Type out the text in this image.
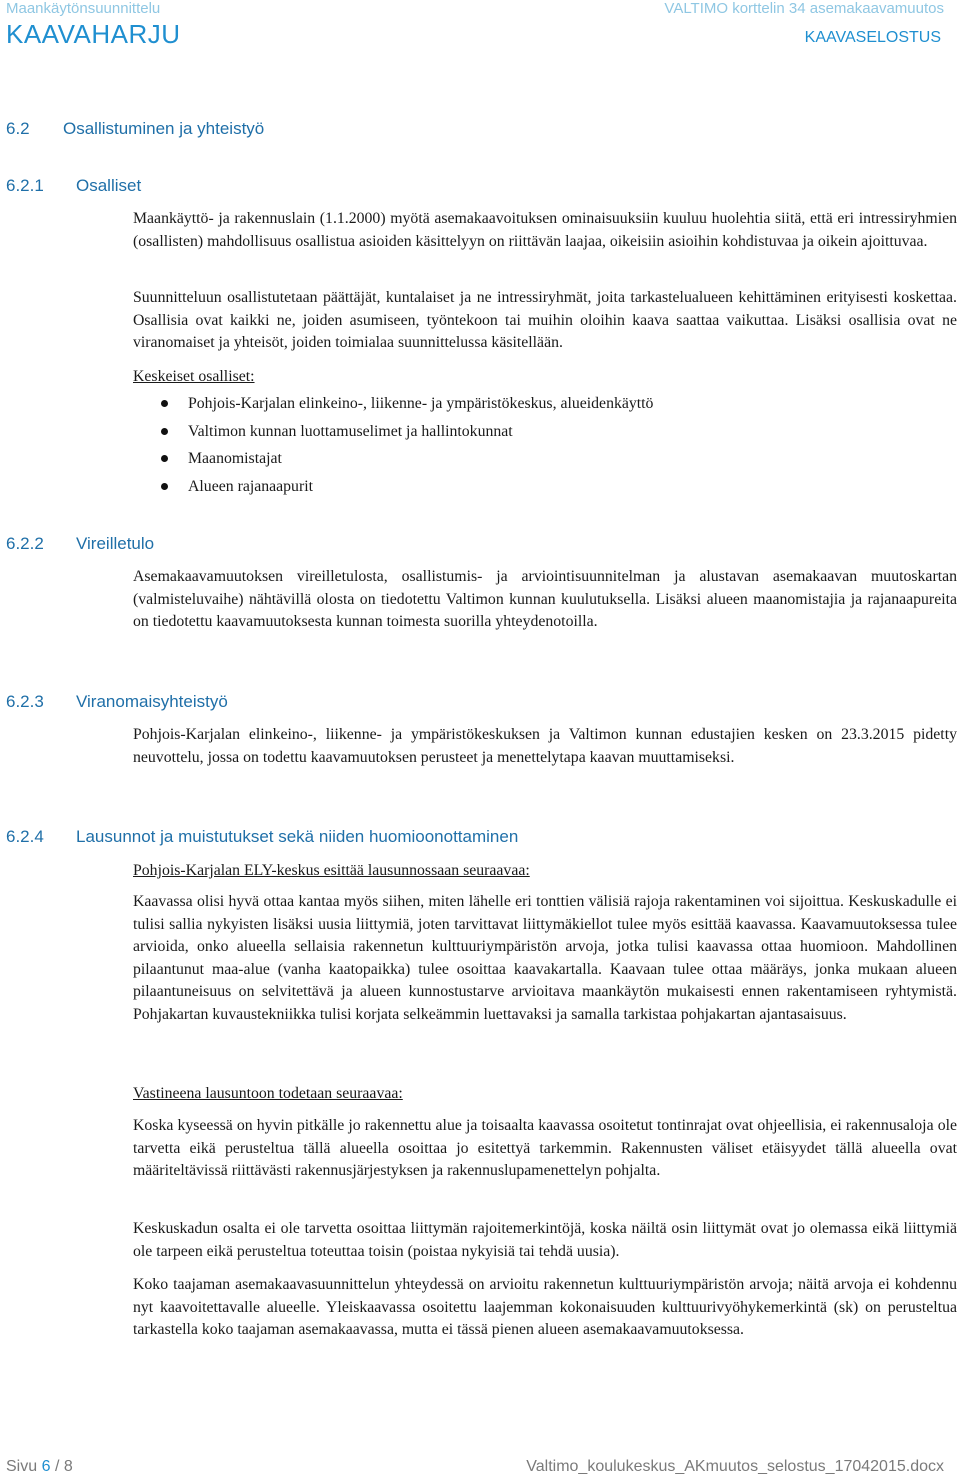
Maankäytönsuunnittelu
KAAVAHARJU
VALTIMO korttelin 34 asemakaavamuutos
KAAVASELOSTUS
6.2 Osallistuminen ja yhteistyö
6.2.1 Osalliset

Maankäyttö- ja rakennuslain (1.1.2000) myötä asemakaavoituksen ominaisuuksiin kuuluu huolehtia siitä, että eri intressiryhmien (osallisten) mahdollisuus osallistua asioiden käsittelyyn on riittävän laajaa, oikeisiin asioihin kohdistuvaa ja oikein ajoittuvaa.

Suunnitteluun osallistutetaan päättäjät, kuntalaiset ja ne intressiryhmät, joita tarkastelualueen kehittäminen erityisesti koskettaa. Osallisia ovat kaikki ne, joiden asumiseen, työntekoon tai muihin oloihin kaava saattaa vaikuttaa. Lisäksi osallisia ovat ne viranomaiset ja yhteisöt, joiden toimialaa suunnittelussa käsitellään.

Keskeiset osalliset:
Pohjois-Karjalan elinkeino-, liikenne- ja ympäristökeskus, alueidenkäyttö
Valtimon kunnan luottamuselimet ja hallintokunnat
Maanomistajat
Alueen rajanaapurit
6.2.2 Vireilletulo

Asemakaavamuutoksen vireilletulosta, osallistumis- ja arviointisuunnitelman ja alustavan asemakaavan muutoskartan (valmisteluvaihe) nähtävillä olosta on tiedotettu Valtimon kunnan kuulutuksella. Lisäksi alueen maanomistajia ja rajanaapureita on tiedotettu kaavamuutoksesta kunnan toimesta suorilla yhteydenotoilla.

6.2.3 Viranomaisyhteistyö

Pohjois-Karjalan elinkeino-, liikenne- ja ympäristökeskuksen ja Valtimon kunnan edustajien kesken on 23.3.2015 pidetty neuvottelu, jossa on todettu kaavamuutoksen perusteet ja menettelytapa kaavan muuttamiseksi.

6.2.4 Lausunnot ja muistutukset sekä niiden huomioonottaminen
Pohjois-Karjalan ELY-keskus esittää lausunnossaan seuraavaa:

Kaavassa olisi hyvä ottaa kantaa myös siihen, miten lähelle eri tonttien välisiä rajoja rakentaminen voi sijoittua. Keskuskadulle ei tulisi sallia nykyisten lisäksi uusia liittymiä, joten tarvittavat liittymäkiellot tulee myös esittää kaavassa. Kaavamuutoksessa tulee arvioida, onko alueella sellaisia rakennetun kulttuuriympäristön arvoja, jotka tulisi kaavassa ottaa huomioon. Mahdollinen pilaantunut maa-alue (vanha kaatopaikka) tulee osoittaa kaavakartalla. Kaavaan tulee ottaa määräys, jonka mukaan alueen pilaantuneisuus on selvitettävä ja alueen kunnostustarve arvioitava maankäytön mukaisesti ennen rakentamiseen ryhtymistä. Pohjakartan kuvaustekniikka tulisi korjata selkeämmin luettavaksi ja samalla tarkistaa pohjakartan ajantasaisuus.

Vastineena lausuntoon todetaan seuraavaa:

Koska kyseessä on hyvin pitkälle jo rakennettu alue ja toisaalta kaavassa osoitetut tontinrajat ovat ohjeellisia, ei rakennusaloja ole tarvetta eikä perusteltua tällä alueella osoittaa jo esitettyä tarkemmin. Rakennusten väliset etäisyydet tällä alueella ovat määriteltävissä riittävästi rakennusjärjestyksen ja rakennuslupamenettelyn pohjalta.

Keskuskadun osalta ei ole tarvetta osoittaa liittymän rajoitemerkintöjä, koska näiltä osin liittymät ovat jo olemassa eikä liittymiä ole tarpeen eikä perusteltua toteuttaa toisin (poistaa nykyisiä tai tehdä uusia).

Koko taajaman asemakaavasuunnittelun yhteydessä on arvioitu rakennetun kulttuuriympäristön arvoja; näitä arvoja ei kohdennu nyt kaavoitettavalle alueelle. Yleiskaavassa osoitettu laajemman kokonaisuuden kulttuurivyöhykemerkintä (sk) on perusteltua tarkastella koko taajaman asemakaavassa, mutta ei tässä pienen alueen asemakaavamuutoksessa.

Sivu 6 / 8	Valtimo_koulukeskus_AKmuutos_selostus_17042015.docx
